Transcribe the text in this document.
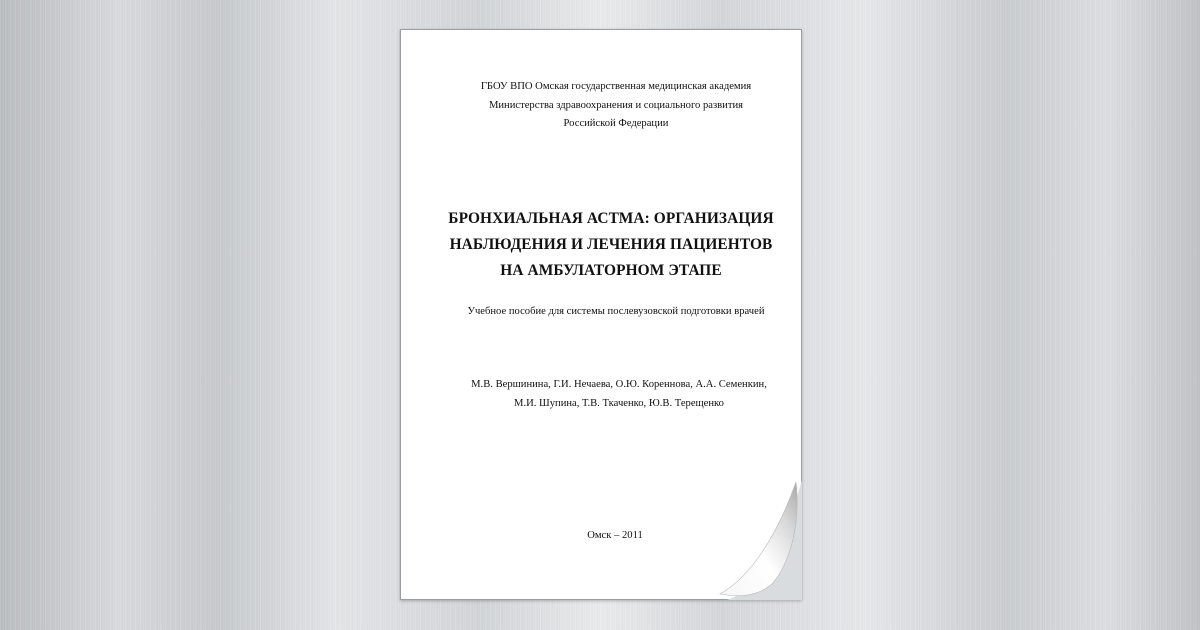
ГБОУ ВПО Омская государственная медицинская академия
Министерства здравоохранения и социального развития
Российской Федерации
БРОНХИАЛЬНАЯ АСТМА: ОРГАНИЗАЦИЯ
НАБЛЮДЕНИЯ И ЛЕЧЕНИЯ ПАЦИЕНТОВ
НА АМБУЛАТОРНОМ ЭТАПЕ
Учебное пособие для системы послевузовской подготовки врачей
М.В. Вершинина, Г.И. Нечаева, О.Ю. Кореннова, А.А. Семенкин,
М.И. Шупина, Т.В. Ткаченко, Ю.В. Терещенко
Омск – 2011
